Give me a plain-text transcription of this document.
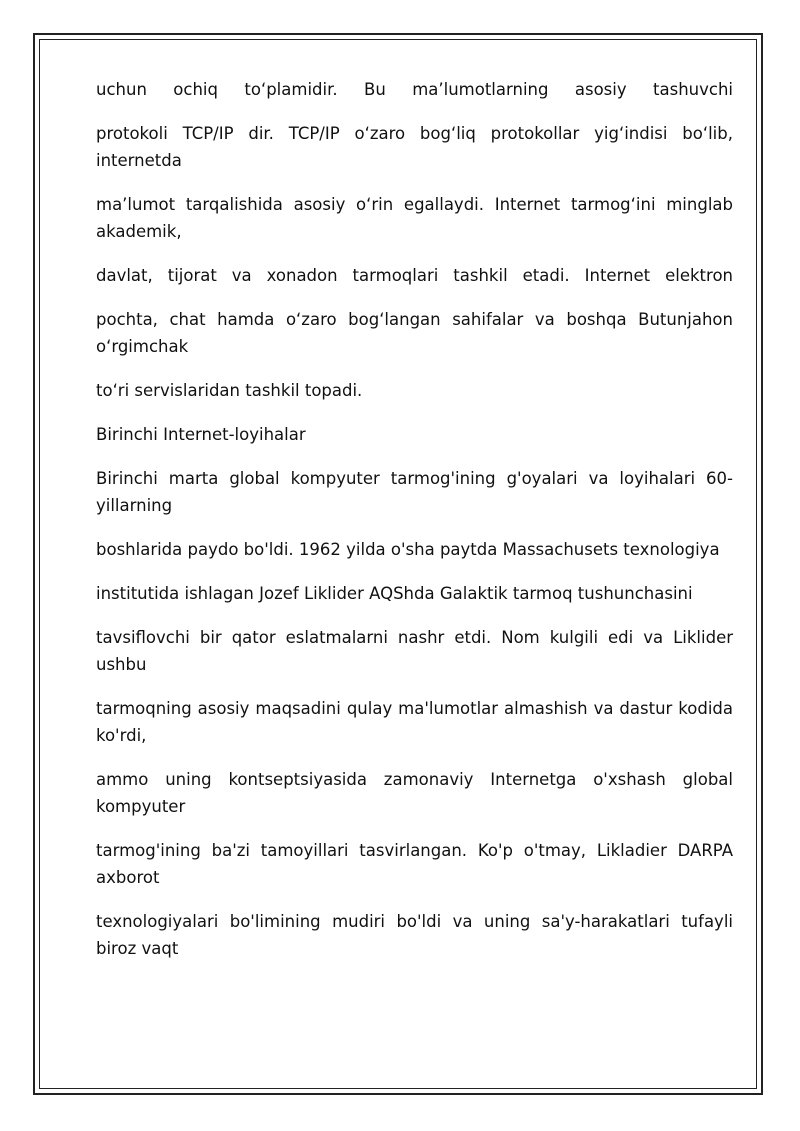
uchun ochiq to‘plamidir. Bu ma’lumotlarning asosiy tashuvchi

protokoli TCP/IP dir. TCP/IP o‘zaro bog‘liq protokollar yig‘indisi bo‘lib, internetda

ma’lumot tarqalishida asosiy o‘rin egallaydi. Internet tarmog‘ini minglab akademik,

davlat, tijorat va xonadon tarmoqlari tashkil etadi. Internet elektron

pochta, chat hamda o‘zaro bog‘langan sahifalar va boshqa Butunjahon o‘rgimchak

to‘ri servislaridan tashkil topadi.

Birinchi Internet-loyihalar

Birinchi marta global kompyuter tarmog'ining g'oyalari va loyihalari 60-yillarning

boshlarida paydo bo'ldi. 1962 yilda o'sha paytda Massachusets texnologiya

institutida ishlagan Jozef Liklider AQShda Galaktik tarmoq tushunchasini

tavsiflovchi bir qator eslatmalarni nashr etdi. Nom kulgili edi va Liklider ushbu

tarmoqning asosiy maqsadini qulay ma'lumotlar almashish va dastur kodida ko'rdi,

ammo uning kontseptsiyasida zamonaviy Internetga o'xshash global kompyuter

tarmog'ining ba'zi tamoyillari tasvirlangan. Ko'p o'tmay, Likladier DARPA axborot

texnologiyalari bo'limining mudiri bo'ldi va uning sa'y-harakatlari tufayli biroz vaqt
